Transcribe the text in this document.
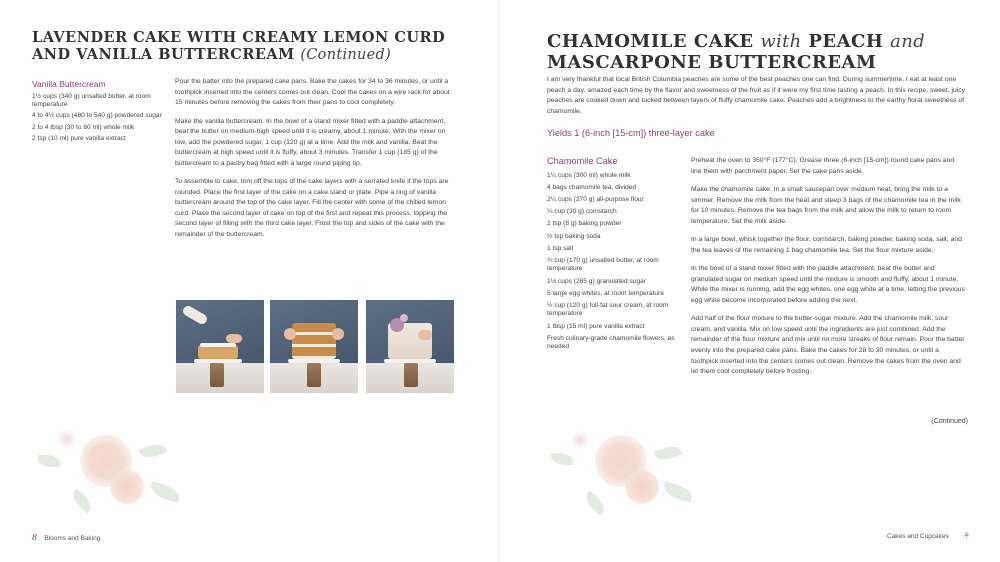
LAVENDER CAKE WITH CREAMY LEMON CURD AND VANILLA BUTTERCREAM (Continued)
Vanilla Buttercream
1½ cups (340 g) unsalted butter, at room temperature
4 to 4½ cups (480 to 540 g) powdered sugar
2 to 4 tbsp (30 to 60 ml) whole milk
2 tsp (10 ml) pure vanilla extract

Pour the batter into the prepared cake pans. Bake the cakes for 34 to 36 minutes, or until a toothpick inserted into the centers comes out clean. Cool the cakes on a wire rack for about 15 minutes before removing the cakes from their pans to cool completely.

Make the vanilla buttercream. In the bowl of a stand mixer fitted with a paddle attachment, beat the butter on medium-high speed until it is creamy, about 1 minute. With the mixer on low, add the powdered sugar, 1 cup (120 g) at a time. Add the milk and vanilla. Beat the buttercream at high speed until it is fluffy, about 3 minutes. Transfer 1 cup (185 g) of the buttercream to a pastry bag fitted with a large round piping tip.

To assemble to cake, trim off the tops of the cake layers with a serrated knife if the tops are rounded. Place the first layer of the cake on a cake stand or plate. Pipe a ring of vanilla buttercream around the top of the cake layer. Fill the center with some of the chilled lemon curd. Place the second layer of cake on top of the first and repeat this process, topping the second layer of filling with the third cake layer. Frost the top and sides of the cake with the remainder of the buttercream.

8 Blooms and Baking
CHAMOMILE CAKE with PEACH and
MASCARPONE BUTTERCREAM

I am very thankful that local British Columbia peaches are some of the best peaches one can find. During summertime, I eat at least one peach a day, amazed each time by the flavor and sweetness of the fruit as if it were my first time tasting a peach. In this recipe, sweet, juicy peaches are cooked down and tucked between layers of fluffy chamomile cake. Peaches add a brightness to the earthy floral sweetness of chamomile.

Yields 1 (6-inch [15-cm]) three-layer cake
Chamomile Cake
1¼ cups (300 ml) whole milk
4 bags chamomile tea, divided
2¼ cups (270 g) all-purpose flour
¼ cup (30 g) cornstarch
2 tsp (8 g) baking powder
½ tsp baking soda
1 tsp salt
¾ cup (170 g) unsalted butter, at room temperature
1⅓ cups (265 g) granulated sugar
5 large egg whites, at room temperature
½ cup (120 g) full-fat sour cream, at room temperature
1 tbsp (15 ml) pure vanilla extract
Fresh culinary-grade chamomile flowers, as needed

Preheat the oven to 350°F (177°C). Grease three (6-inch [15-cm]) round cake pans and line them with parchment paper. Set the cake pans aside.

Make the chamomile cake. In a small saucepan over medium heat, bring the milk to a simmer. Remove the milk from the heat and steep 3 bags of the chamomile tea in the milk for 10 minutes. Remove the tea bags from the milk and allow the milk to return to room temperature. Set the milk aside.

In a large bowl, whisk together the flour, cornstarch, baking powder, baking soda, salt, and the tea leaves of the remaining 1 bag chamomile tea. Set the flour mixture aside.

In the bowl of a stand mixer fitted with the paddle attachment, beat the butter and granulated sugar on medium speed until the mixture is smooth and fluffy, about 1 minute. While the mixer is running, add the egg whites, one egg white at a time, letting the previous egg white become incorporated before adding the next.

Add half of the flour mixture to the butter-sugar mixture. Add the chamomile milk, sour cream, and vanilla. Mix on low speed until the ingredients are just combined. Add the remainder of the flour mixture and mix until no more streaks of flour remain. Pour the batter evenly into the prepared cake pans. Bake the cakes for 28 to 30 minutes, or until a toothpick inserted into the centers comes out clean. Remove the cakes from the oven and let them cool completely before frosting.

(Continued)
Cakes and Cupcakes ⚘
